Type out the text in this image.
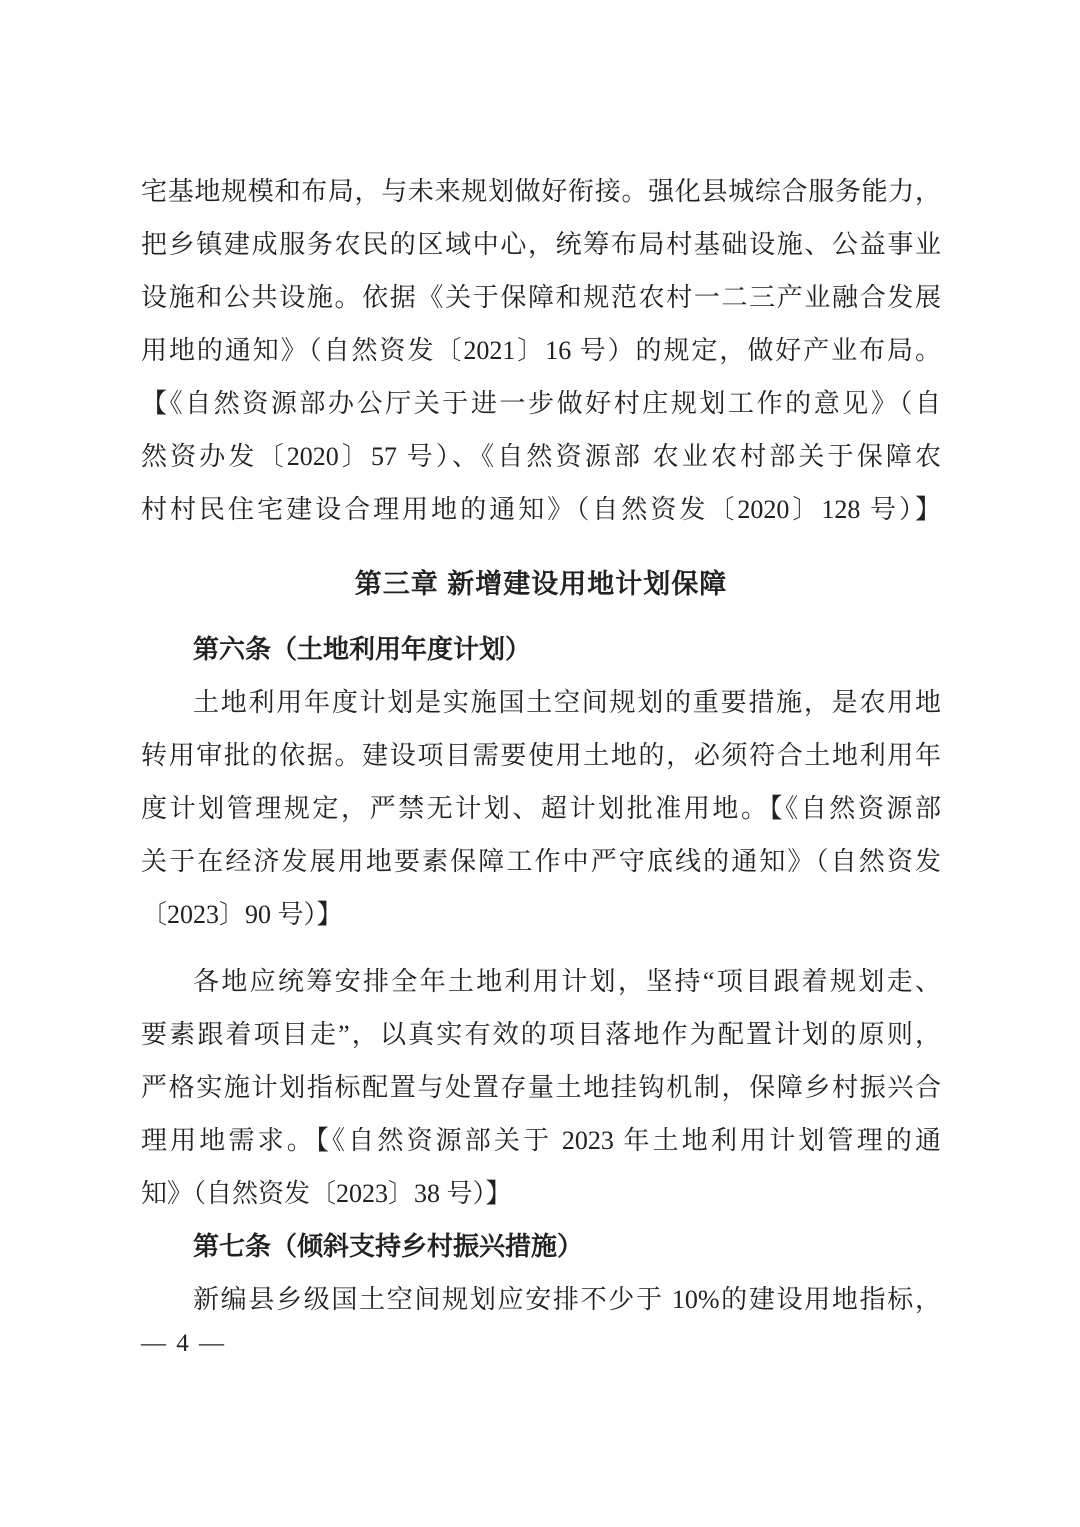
宅基地规模和布局，与未来规划做好衔接。强化县城综合服务能力，

把乡镇建成服务农民的区域中心，统筹布局村基础设施、公益事业

设施和公共设施。依据《关于保障和规范农村一二三产业融合发展

用地的通知》（自然资发〔2021〕16 号）的规定，做好产业布局。

【《自然资源部办公厅关于进一步做好村庄规划工作的意见》（自

然资办发〔2020〕57 号）、《自然资源部 农业农村部关于保障农

村村民住宅建设合理用地的通知》（自然资发〔2020〕128 号）】

第三章 新增建设用地计划保障
第六条（土地利用年度计划）

土地利用年度计划是实施国土空间规划的重要措施，是农用地

转用审批的依据。建设项目需要使用土地的，必须符合土地利用年

度计划管理规定，严禁无计划、超计划批准用地。【《自然资源部

关于在经济发展用地要素保障工作中严守底线的通知》（自然资发

〔2023〕90 号）】

各地应统筹安排全年土地利用计划，坚持“项目跟着规划走、

要素跟着项目走”，以真实有效的项目落地作为配置计划的原则，

严格实施计划指标配置与处置存量土地挂钩机制，保障乡村振兴合

理用地需求。【《自然资源部关于 2023 年土地利用计划管理的通

知》（自然资发〔2023〕38 号）】

第七条（倾斜支持乡村振兴措施）

新编县乡级国土空间规划应安排不少于 10%的建设用地指标，

— 4 —
